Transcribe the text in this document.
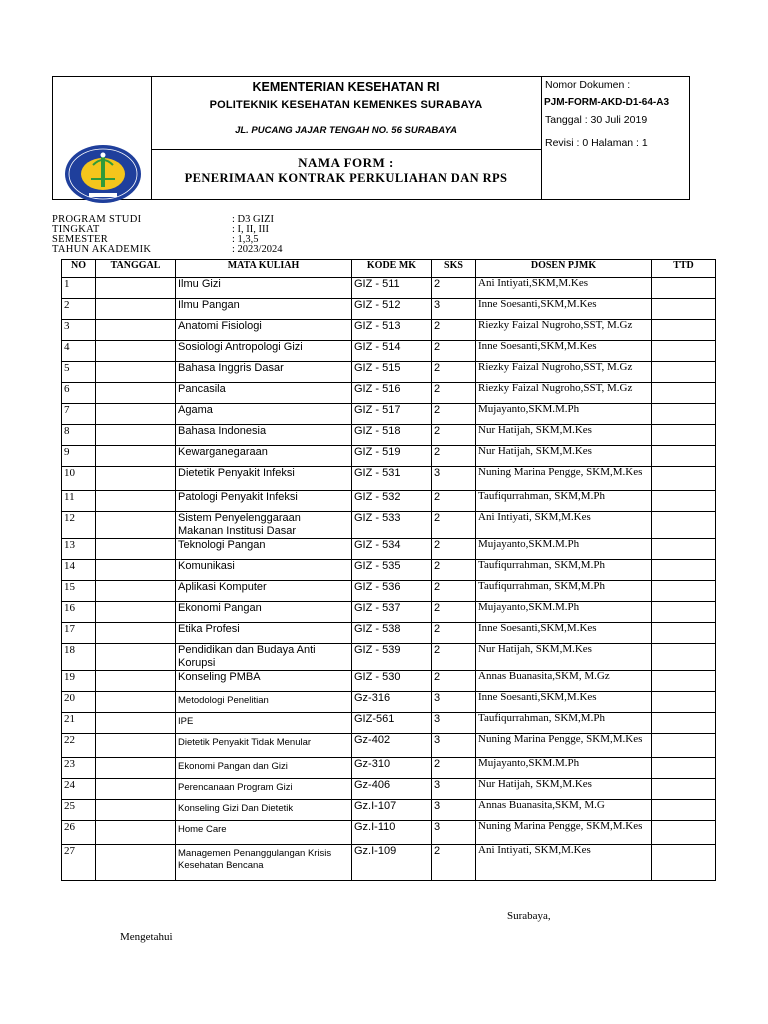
KEMENTERIAN KESEHATAN RI
POLITEKNIK KESEHATAN KEMENKES SURABAYA
JL. PUCANG JAJAR TENGAH NO. 56 SURABAYA
NAMA FORM :
PENERIMAAN KONTRAK PERKULIAHAN DAN RPS
Nomor Dokumen :
PJM-FORM-AKD-D1-64-A3
Tanggal : 30 Juli 2019
Revisi : 0 Halaman : 1
PROGRAM STUDI	: D3 GIZI
TINGKAT	: I, II, III
SEMESTER	: 1,3,5
TAHUN AKADEMIK	: 2023/2024
NO	TANGGAL	MATA KULIAH	KODE MK	SKS	DOSEN PJMK	TTD
1		Ilmu Gizi	GIZ - 511	2	Ani Intiyati,SKM,M.Kes	
2		Ilmu Pangan	GIZ - 512	3	Inne Soesanti,SKM,M.Kes	
3		Anatomi Fisiologi	GIZ - 513	2	Riezky Faizal Nugroho,SST, M.Gz	
4		Sosiologi Antropologi Gizi	GIZ - 514	2	Inne Soesanti,SKM,M.Kes	
5		Bahasa Inggris Dasar	GIZ - 515	2	Riezky Faizal Nugroho,SST, M.Gz	
6		Pancasila	GIZ - 516	2	Riezky Faizal Nugroho,SST, M.Gz	
7		Agama	GIZ - 517	2	Mujayanto,SKM.M.Ph	
8		Bahasa Indonesia	GIZ - 518	2	Nur Hatijah, SKM,M.Kes	
9		Kewarganegaraan	GIZ - 519	2	Nur Hatijah, SKM,M.Kes	
10		Dietetik Penyakit Infeksi	GIZ - 531	3	Nuning Marina Pengge, SKM,M.Kes	
11		Patologi Penyakit Infeksi	GIZ - 532	2	Taufiqurrahman, SKM,M.Ph	
12		Sistem Penyelenggaraan Makanan Institusi Dasar	GIZ - 533	2	Ani Intiyati, SKM,M.Kes	
13		Teknologi Pangan	GIZ - 534	2	Mujayanto,SKM.M.Ph	
14		Komunikasi	GIZ - 535	2	Taufiqurrahman, SKM,M.Ph	
15		Aplikasi Komputer	GIZ - 536	2	Taufiqurrahman, SKM,M.Ph	
16		Ekonomi Pangan	GIZ - 537	2	Mujayanto,SKM.M.Ph	
17		Etika Profesi	GIZ - 538	2	Inne Soesanti,SKM,M.Kes	
18		Pendidikan dan Budaya Anti Korupsi	GIZ - 539	2	Nur Hatijah, SKM,M.Kes	
19		Konseling PMBA	GIZ - 530	2	Annas Buanasita,SKM, M.Gz	
20		Metodologi Penelitian	Gz-316	3	Inne Soesanti,SKM,M.Kes	
21		IPE	GIZ-561	3	Taufiqurrahman, SKM,M.Ph	
22		Dietetik Penyakit Tidak Menular	Gz-402	3	Nuning Marina Pengge, SKM,M.Kes	
23		Ekonomi Pangan dan Gizi	Gz-310	2	Mujayanto,SKM.M.Ph	
24		Perencanaan Program Gizi	Gz-406	3	Nur Hatijah, SKM,M.Kes	
25		Konseling Gizi Dan Dietetik	Gz.I-107	3	Annas Buanasita,SKM, M.G	
26		Home Care	Gz.I-110	3	Nuning Marina Pengge, SKM,M.Kes	
27		Managemen Penanggulangan Krisis Kesehatan Bencana	Gz.I-109	2	Ani Intiyati, SKM,M.Kes	
Surabaya,
Mengetahui
